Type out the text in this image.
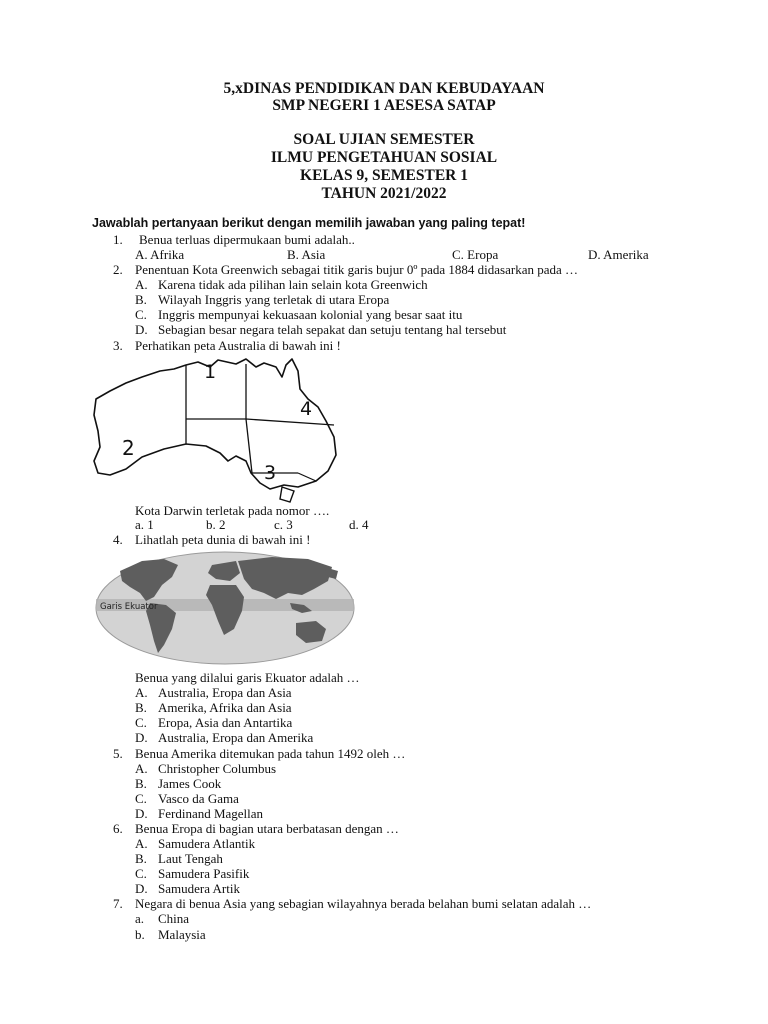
5,xDINAS PENDIDIKAN DAN KEBUDAYAAN
SMP NEGERI 1 AESESA SATAP
SOAL UJIAN SEMESTER
ILMU PENGETAHUAN SOSIAL
KELAS 9, SEMESTER 1
TAHUN 2021/2022
Jawablah pertanyaan berikut dengan memilih jawaban yang paling tepat!
1. Benua terluas dipermukaan bumi adalah..
A. Afrika	B. Asia	C. Eropa	D. Amerika
2. Penentuan Kota Greenwich sebagai titik garis bujur 0º pada 1884 didasarkan pada …
A. Karena tidak ada pilihan lain selain kota Greenwich
B. Wilayah Inggris yang terletak di utara Eropa
C. Inggris mempunyai kekuasaan kolonial yang besar saat itu
D. Sebagian besar negara telah sepakat dan setuju tentang hal tersebut
3. Perhatikan peta Australia di bawah ini !
1
2
3
4
Kota Darwin terletak pada nomor ….
a. 1	b. 2	c. 3	d. 4
4. Lihatlah peta dunia di bawah ini !
Garis Ekuator
Benua yang dilalui garis Ekuator adalah …
A. Australia, Eropa dan Asia
B. Amerika, Afrika dan Asia
C. Eropa, Asia dan Antartika
D. Australia, Eropa dan Amerika
5. Benua Amerika ditemukan pada tahun 1492 oleh …
A. Christopher Columbus
B. James Cook
C. Vasco da Gama
D. Ferdinand Magellan
6. Benua Eropa di bagian utara berbatasan dengan …
A. Samudera Atlantik
B. Laut Tengah
C. Samudera Pasifik
D. Samudera Artik
7. Negara di benua Asia yang sebagian wilayahnya berada belahan bumi selatan adalah …
a. China
b. Malaysia
